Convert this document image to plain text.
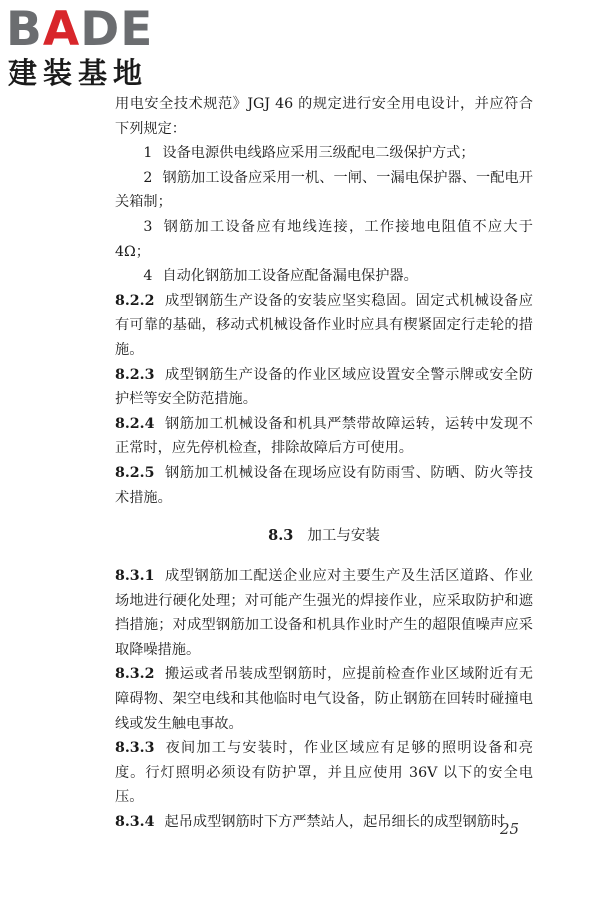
B A DE
建装基地

用电安全技术规范》JGJ 46 的规定进行安全用电设计，并应符合下列规定：

1 设备电源供电线路应采用三级配电二级保护方式；

2 钢筋加工设备应采用一机、一闸、一漏电保护器、一配电开关箱制；

3 钢筋加工设备应有地线连接，工作接地电阻值不应大于4Ω；

4 自动化钢筋加工设备应配备漏电保护器。

8.2.2 成型钢筋生产设备的安装应坚实稳固。固定式机械设备应有可靠的基础，移动式机械设备作业时应具有楔紧固定行走轮的措施。

8.2.3 成型钢筋生产设备的作业区域应设置安全警示牌或安全防护栏等安全防范措施。

8.2.4 钢筋加工机械设备和机具严禁带故障运转，运转中发现不正常时，应先停机检查，排除故障后方可使用。

8.2.5 钢筋加工机械设备在现场应设有防雨雪、防晒、防火等技术措施。

8.3 加工与安装

8.3.1 成型钢筋加工配送企业应对主要生产及生活区道路、作业场地进行硬化处理；对可能产生强光的焊接作业，应采取防护和遮挡措施；对成型钢筋加工设备和机具作业时产生的超限值噪声应采取降噪措施。

8.3.2 搬运或者吊装成型钢筋时，应提前检查作业区域附近有无障碍物、架空电线和其他临时电气设备，防止钢筋在回转时碰撞电线或发生触电事故。

8.3.3 夜间加工与安装时，作业区域应有足够的照明设备和亮度。行灯照明必须设有防护罩，并且应使用 36V 以下的安全电压。

8.3.4 起吊成型钢筋时下方严禁站人，起吊细长的成型钢筋时

25
